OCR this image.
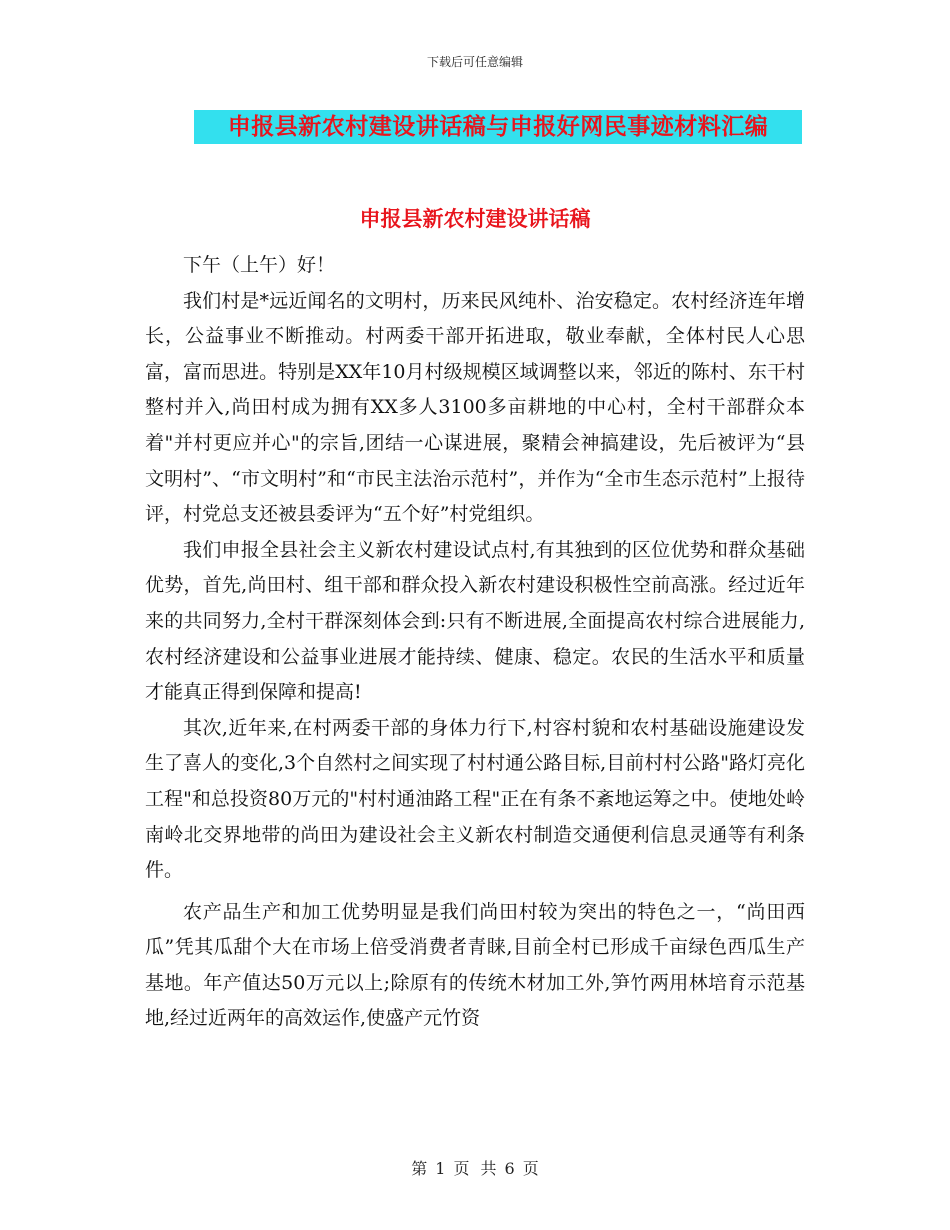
下载后可任意编辑
申报县新农村建设讲话稿与申报好网民事迹材料汇编
申报县新农村建设讲话稿

下午（上午）好！

我们村是*远近闻名的文明村，历来民风纯朴、治安稳定。农村经济连年增长，公益事业不断推动。村两委干部开拓进取，敬业奉献，全体村民人心思富，富而思进。特别是XX年10月村级规模区域调整以来，邻近的陈村、东干村整村并入,尚田村成为拥有XX多人3100多亩耕地的中心村，全村干部群众本着"并村更应并心"的宗旨,团结一心谋进展，聚精会神搞建设，先后被评为“县文明村”、“市文明村”和“市民主法治示范村”，并作为“全市生态示范村”上报待评，村党总支还被县委评为“五个好”村党组织。

我们申报全县社会主义新农村建设试点村,有其独到的区位优势和群众基础优势，首先,尚田村、组干部和群众投入新农村建设积极性空前高涨。经过近年来的共同努力,全村干群深刻体会到:只有不断进展,全面提高农村综合进展能力,农村经济建设和公益事业进展才能持续、健康、稳定。农民的生活水平和质量才能真正得到保障和提高!

其次,近年来,在村两委干部的身体力行下,村容村貌和农村基础设施建设发生了喜人的变化,3个自然村之间实现了村村通公路目标,目前村村公路"路灯亮化工程"和总投资80万元的"村村通油路工程"正在有条不紊地运筹之中。使地处岭南岭北交界地带的尚田为建设社会主义新农村制造交通便利信息灵通等有利条件。

农产品生产和加工优势明显是我们尚田村较为突出的特色之一，“尚田西瓜”凭其瓜甜个大在市场上倍受消费者青睐,目前全村已形成千亩绿色西瓜生产基地。年产值达50万元以上;除原有的传统木材加工外,笋竹两用林培育示范基地,经过近两年的高效运作,使盛产元竹资

第 1 页 共 6 页
